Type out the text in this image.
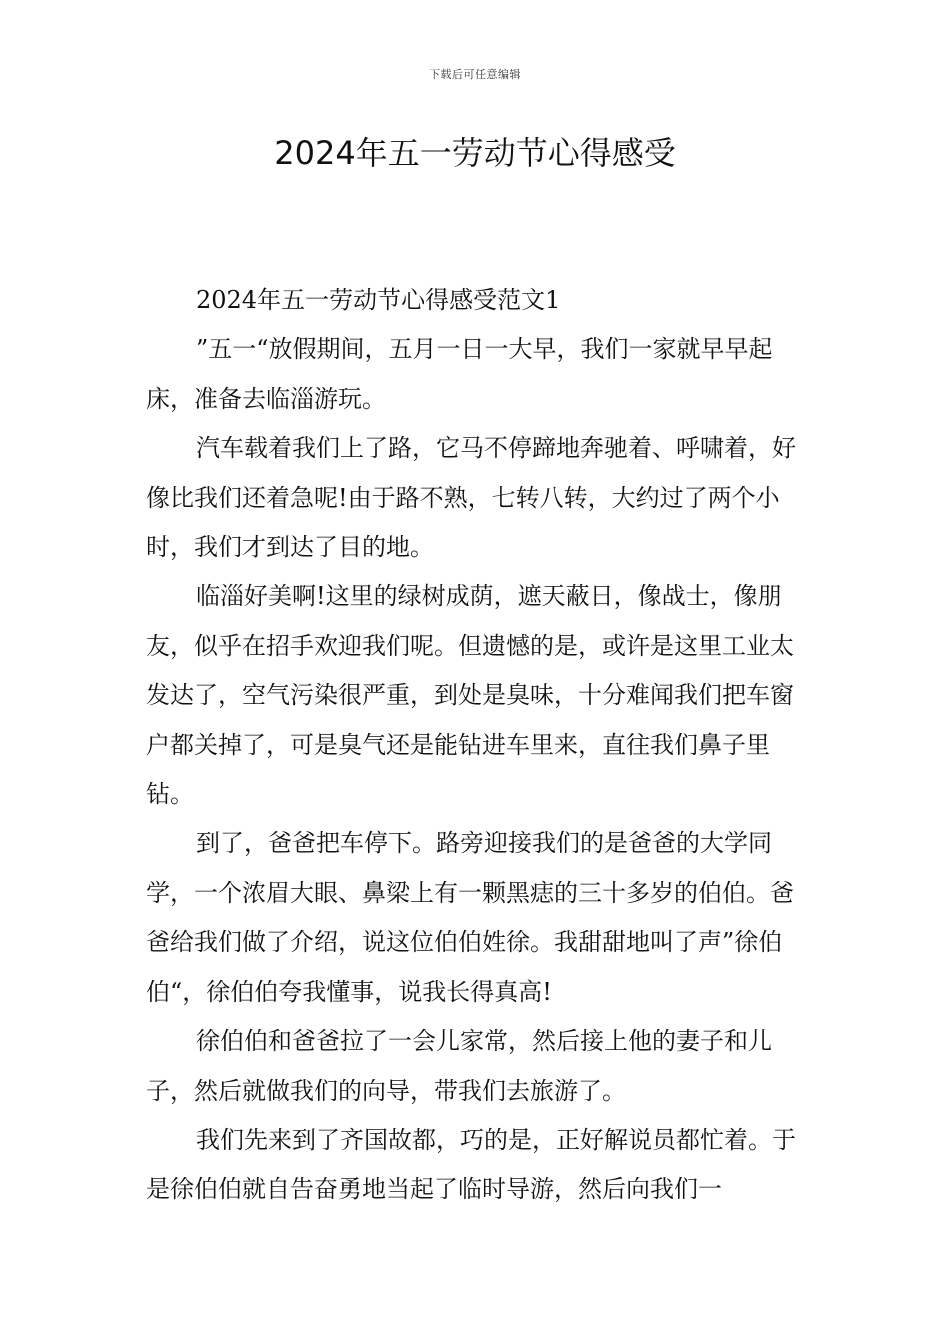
下载后可任意编辑
2024年五一劳动节心得感受

2024年五一劳动节心得感受范文1

”五一“放假期间，五月一日一大早，我们一家就早早起床，准备去临淄游玩。

汽车载着我们上了路，它马不停蹄地奔驰着、呼啸着，好像比我们还着急呢!由于路不熟，七转八转，大约过了两个小时，我们才到达了目的地。

临淄好美啊!这里的绿树成荫，遮天蔽日，像战士，像朋友，似乎在招手欢迎我们呢。但遗憾的是，或许是这里工业太发达了，空气污染很严重，到处是臭味，十分难闻我们把车窗户都关掉了，可是臭气还是能钻进车里来，直往我们鼻子里钻。

到了，爸爸把车停下。路旁迎接我们的是爸爸的大学同学，一个浓眉大眼、鼻梁上有一颗黑痣的三十多岁的伯伯。爸爸给我们做了介绍，说这位伯伯姓徐。我甜甜地叫了声”徐伯伯“，徐伯伯夸我懂事，说我长得真高!

徐伯伯和爸爸拉了一会儿家常，然后接上他的妻子和儿子，然后就做我们的向导，带我们去旅游了。

我们先来到了齐国故都，巧的是，正好解说员都忙着。于是徐伯伯就自告奋勇地当起了临时导游，然后向我们一
